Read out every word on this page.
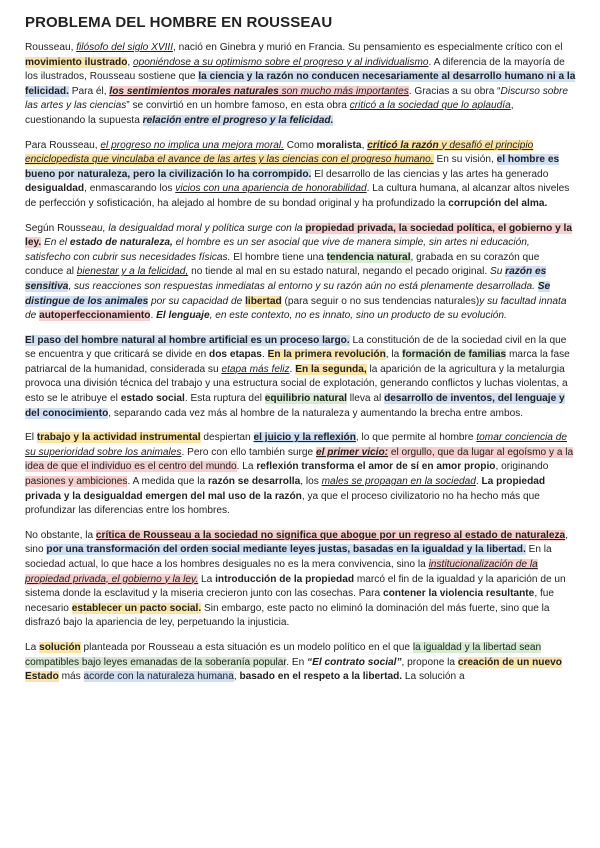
PROBLEMA DEL HOMBRE EN ROUSSEAU

Rousseau, filósofo del siglo XVIII, nació en Ginebra y murió en Francia. Su pensamiento es especialmente crítico con el movimiento ilustrado, oponiéndose a su optimismo sobre el progreso y al individualismo. A diferencia de la mayoría de los ilustrados, Rousseau sostiene que la ciencia y la razón no conducen necesariamente al desarrollo humano ni a la felicidad. Para él, los sentimientos morales naturales son mucho más importantes. Gracias a su obra “Discurso sobre las artes y las ciencias” se convirtió en un hombre famoso, en esta obra criticó a la sociedad que lo aplaudía, cuestionando la supuesta relación entre el progreso y la felicidad.

Para Rousseau, el progreso no implica una mejora moral. Como moralista, criticó la razón y desafió el principio enciclopedista que vinculaba el avance de las artes y las ciencias con el progreso humano. En su visión, el hombre es bueno por naturaleza, pero la civilización lo ha corrompido. El desarrollo de las ciencias y las artes ha generado desigualdad, enmascarando los vicios con una apariencia de honorabilidad. La cultura humana, al alcanzar altos niveles de perfección y sofisticación, ha alejado al hombre de su bondad original y ha profundizado la corrupción del alma.

Según Rousseau, la desigualdad moral y política surge con la propiedad privada, la sociedad política, el gobierno y la ley. En el estado de naturaleza, el hombre es un ser asocial que vive de manera simple, sin artes ni educación, satisfecho con cubrir sus necesidades físicas. El hombre tiene una tendencia natural, grabada en su corazón que conduce al bienestar y a la felicidad, no tiende al mal en su estado natural, negando el pecado original. Su razón es sensitiva, sus reacciones son respuestas inmediatas al entorno y su razón aún no está plenamente desarrollada. Se distingue de los animales por su capacidad de libertad (para seguir o no sus tendencias naturales)y su facultad innata de autoperfeccionamiento. El lenguaje, en este contexto, no es innato, sino un producto de su evolución.

El paso del hombre natural al hombre artificial es un proceso largo. La constitución de de la sociedad civil en la que se encuentra y que criticará se divide en dos etapas. En la primera revolución, la formación de familias marca la fase patriarcal de la humanidad, considerada su etapa más feliz. En la segunda, la aparición de la agricultura y la metalurgia provoca una división técnica del trabajo y una estructura social de explotación, generando conflictos y luchas violentas, a esto se le atribuye el estado social. Esta ruptura del equilibrio natural lleva al desarrollo de inventos, del lenguaje y del conocimiento, separando cada vez más al hombre de la naturaleza y aumentando la brecha entre ambos.

El trabajo y la actividad instrumental despiertan el juicio y la reflexión, lo que permite al hombre tomar conciencia de su superioridad sobre los animales. Pero con ello también surge el primer vicio: el orgullo, que da lugar al egoísmo y a la idea de que el individuo es el centro del mundo. La reflexión transforma el amor de sí en amor propio, originando pasiones y ambiciones. A medida que la razón se desarrolla, los males se propagan en la sociedad. La propiedad privada y la desigualdad emergen del mal uso de la razón, ya que el proceso civilizatorio no ha hecho más que profundizar las diferencias entre los hombres.

No obstante, la crítica de Rousseau a la sociedad no significa que abogue por un regreso al estado de naturaleza, sino por una transformación del orden social mediante leyes justas, basadas en la igualdad y la libertad. En la sociedad actual, lo que hace a los hombres desiguales no es la mera convivencia, sino la institucionalización de la propiedad privada, el gobierno y la ley. La introducción de la propiedad marcó el fin de la igualdad y la aparición de un sistema donde la esclavitud y la miseria crecieron junto con las cosechas. Para contener la violencia resultante, fue necesario establecer un pacto social. Sin embargo, este pacto no eliminó la dominación del más fuerte, sino que la disfrazó bajo la apariencia de ley, perpetuando la injusticia.

La solución planteada por Rousseau a esta situación es un modelo político en el que la igualdad y la libertad sean compatibles bajo leyes emanadas de la soberanía popular. En “El contrato social”, propone la creación de un nuevo Estado más acorde con la naturaleza humana, basado en el respeto a la libertad. La solución a
